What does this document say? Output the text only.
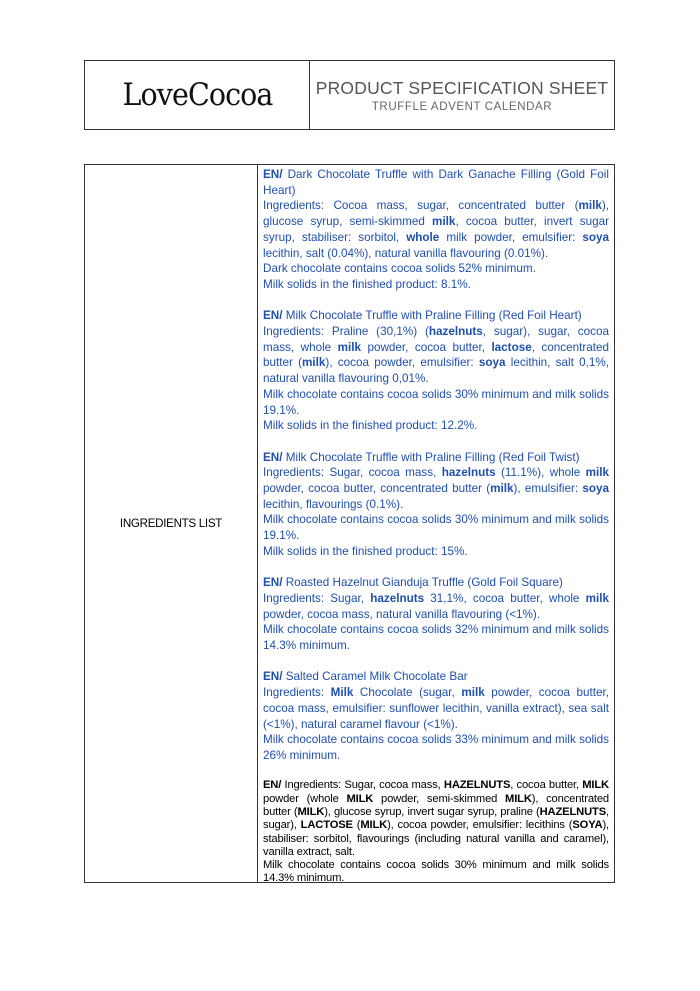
LoveCocoa PRODUCT SPECIFICATION SHEET
TRUFFLE ADVENT CALENDAR
INGREDIENTS LIST

EN/ Dark Chocolate Truffle with Dark Ganache Filling (Gold Foil Heart)

Ingredients: Cocoa mass, sugar, concentrated butter (milk), glucose syrup, semi-skimmed milk, cocoa butter, invert sugar syrup, stabiliser: sorbitol, whole milk powder, emulsifier: soya lecithin, salt (0.04%), natural vanilla flavouring (0.01%).

Dark chocolate contains cocoa solids 52% minimum.

Milk solids in the finished product: 8.1%.

EN/ Milk Chocolate Truffle with Praline Filling (Red Foil Heart)

Ingredients: Praline (30,1%) (hazelnuts, sugar), sugar, cocoa mass, whole milk powder, cocoa butter, lactose, concentrated butter (milk), cocoa powder, emulsifier: soya lecithin, salt 0,1%, natural vanilla flavouring 0,01%.

Milk chocolate contains cocoa solids 30% minimum and milk solids 19.1%.

Milk solids in the finished product: 12.2%.

EN/ Milk Chocolate Truffle with Praline Filling (Red Foil Twist)

Ingredients: Sugar, cocoa mass, hazelnuts (11.1%), whole milk powder, cocoa butter, concentrated butter (milk), emulsifier: soya lecithin, flavourings (0.1%).

Milk chocolate contains cocoa solids 30% minimum and milk solids 19.1%.

Milk solids in the finished product: 15%.

EN/ Roasted Hazelnut Gianduja Truffle (Gold Foil Square)

Ingredients: Sugar, hazelnuts 31,1%, cocoa butter, whole milk powder, cocoa mass, natural vanilla flavouring (<1%).

Milk chocolate contains cocoa solids 32% minimum and milk solids 14.3% minimum.

EN/ Salted Caramel Milk Chocolate Bar

Ingredients: Milk Chocolate (sugar, milk powder, cocoa butter, cocoa mass, emulsifier: sunflower lecithin, vanilla extract), sea salt (<1%), natural caramel flavour (<1%).

Milk chocolate contains cocoa solids 33% minimum and milk solids 26% minimum.

EN/ Ingredients: Sugar, cocoa mass, HAZELNUTS, cocoa butter, MILK powder (whole MILK powder, semi-skimmed MILK), concentrated butter (MILK), glucose syrup, invert sugar syrup, praline (HAZELNUTS, sugar), LACTOSE (MILK), cocoa powder, emulsifier: lecithins (SOYA), stabiliser: sorbitol, flavourings (including natural vanilla and caramel), vanilla extract, salt.

Milk chocolate contains cocoa solids 30% minimum and milk solids 14.3% minimum.
